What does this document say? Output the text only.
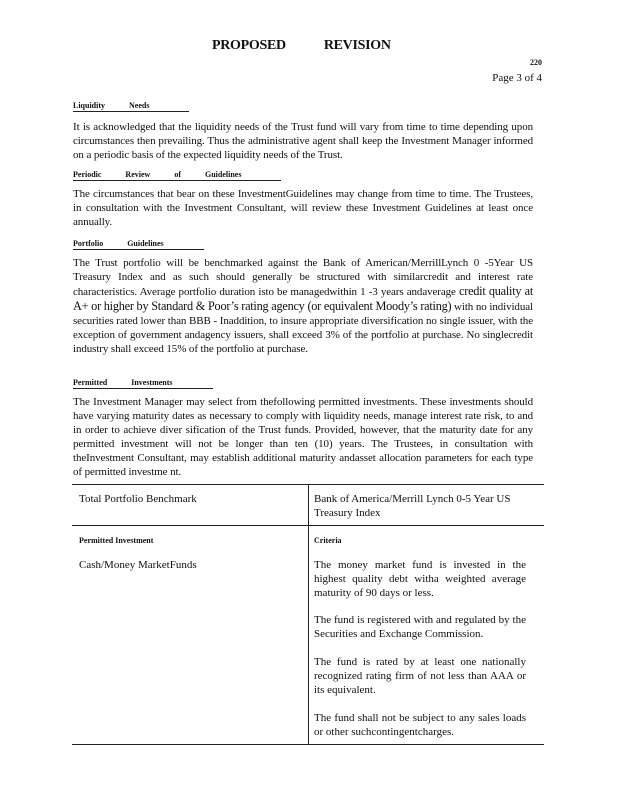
PROPOSED	REVISION
220
Page 3 of 4
Liquidity Needs
It is acknowledged that the liquidity needs of the Trust fund will vary from time to time depending upon circumstances then prevailing. Thus the administrative agent shall keep the Investment Manager informed on a periodic basis of the expected liquidity needs of the Trust.
Periodic Review of Guidelines
The circumstances that bear on these InvestmentGuidelines may change from time to time. The Trustees, in consultation with the Investment Consultant, will review these Investment Guidelines at least once annually.
Portfolio Guidelines
The Trust portfolio will be benchmarked against the Bank of American/MerrillLynch 0 -5Year US Treasury Index and as such should generally be structured with similarcredit and interest rate characteristics. Average portfolio duration isto be managedwithin 1 -3 years andaverage credit quality at A+ or higher by Standard & Poor’s rating agency (or equivalent Moody’s rating) with no individual securities rated lower than BBB - Inaddition, to insure appropriate diversification no single issuer, with the exception of government andagency issuers, shall exceed 3% of the portfolio at purchase. No singlecredit industry shall exceed 15% of the portfolio at purchase.
Permitted Investments
The Investment Manager may select from thefollowing permitted investments. These investments should have varying maturity dates as necessary to comply with liquidity needs, manage interest rate risk, to and in order to achieve diver sification of the Trust funds. Provided, however, that the maturity date for any permitted investment will not be longer than ten (10) years. The Trustees, in consultation with theInvestment Consultant, may establish additional maturity andasset allocation parameters for each type of permitted investme nt.
Total Portfolio Benchmark	Bank of America/Merrill Lynch 0-5 Year US Treasury Index
Permitted Investment	Criteria
Cash/Money MarketFunds	The money market fund is invested in the highest quality debt witha weighted average maturity of 90 days or less.
The fund is registered with and regulated by the Securities and Exchange Commission.
The fund is rated by at least one nationally recognized rating firm of not less than AAA or its equivalent.
The fund shall not be subject to any sales loads or other suchcontingentcharges.
